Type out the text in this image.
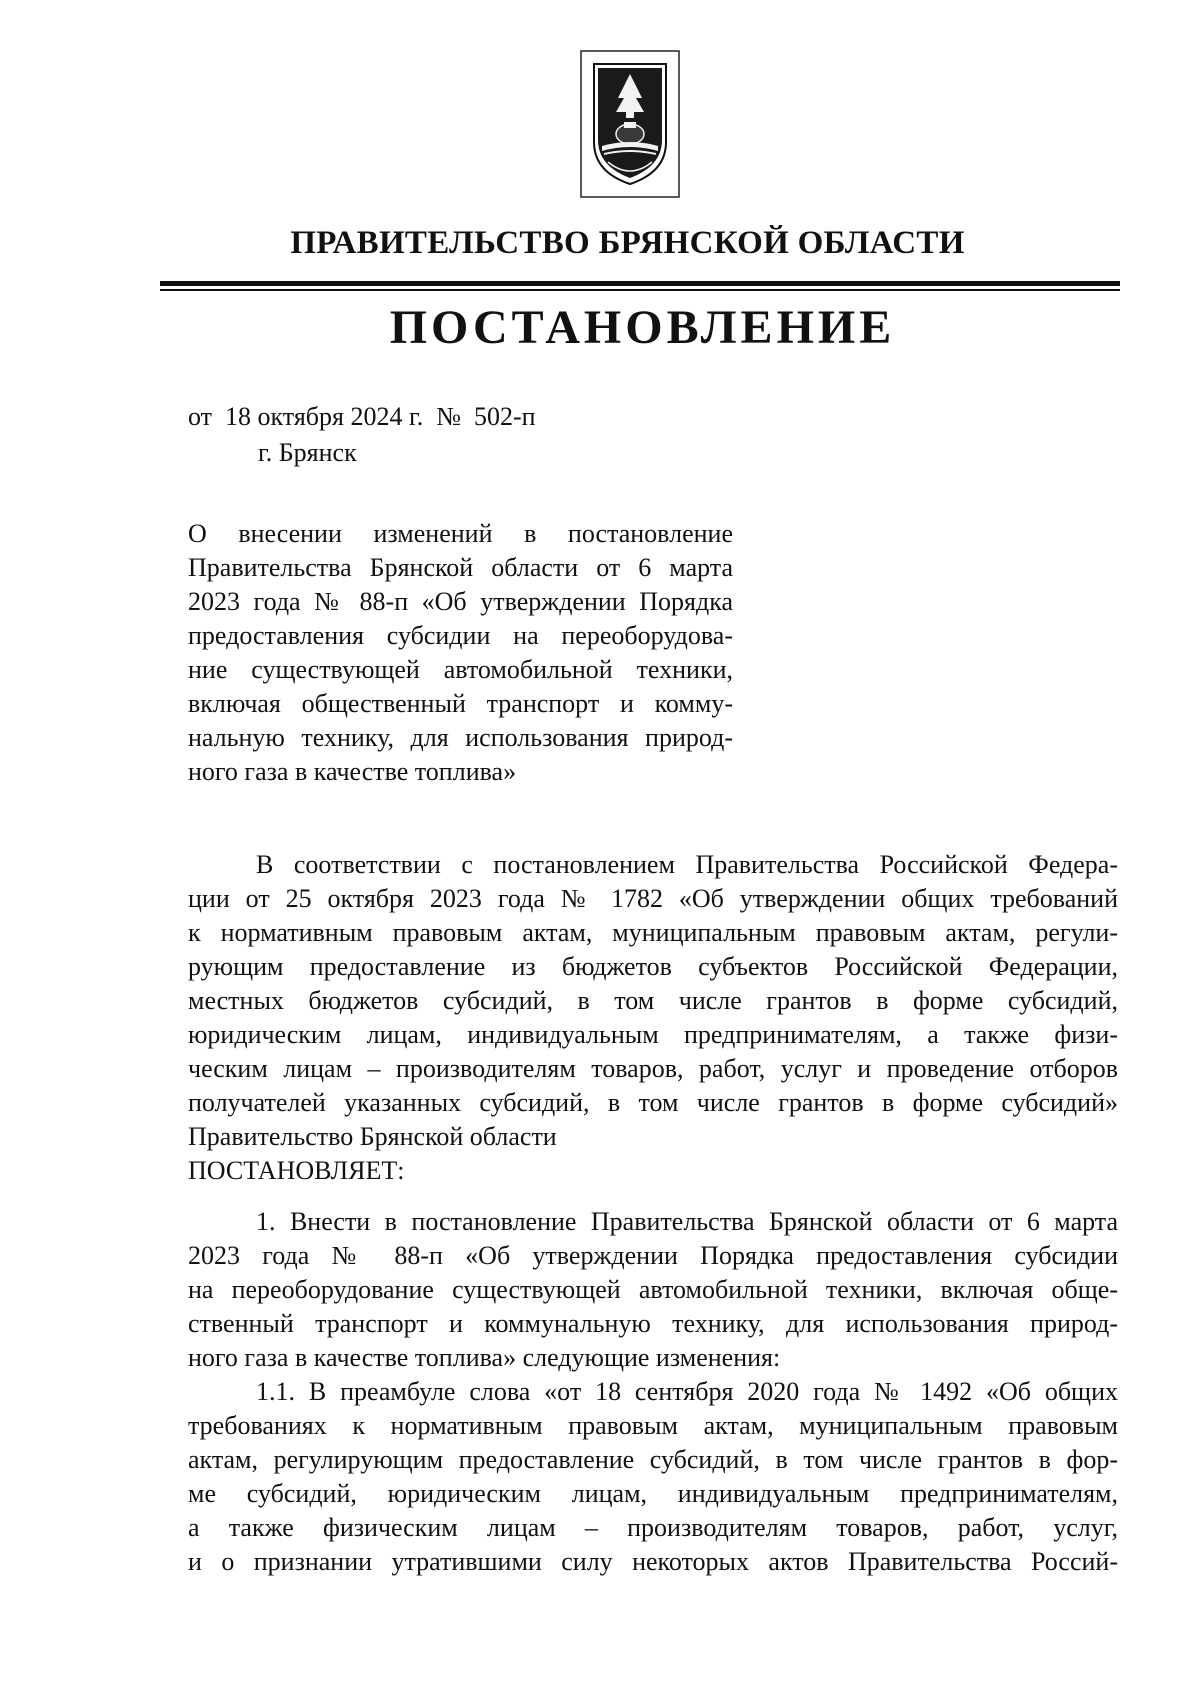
ПРАВИТЕЛЬСТВО БРЯНСКОЙ ОБЛАСТИ
ПОСТАНОВЛЕНИЕ
от  18 октября 2024 г.  №  502-п
г. Брянск
О внесении изменений в постановление
Правительства Брянской области от 6 марта
2023 года № 88-п «Об утверждении Порядка
предоставления субсидии на переоборудова-
ние существующей автомобильной техники,
включая общественный транспорт и комму-
нальную технику, для использования природ-
ного газа в качестве топлива»
В соответствии с постановлением Правительства Российской Федера-
ции от 25 октября 2023 года № 1782 «Об утверждении общих требований
к нормативным правовым актам, муниципальным правовым актам, регули-
рующим предоставление из бюджетов субъектов Российской Федерации,
местных бюджетов субсидий, в том числе грантов в форме субсидий,
юридическим лицам, индивидуальным предпринимателям, а также физи-
ческим лицам – производителям товаров, работ, услуг и проведение отборов
получателей указанных субсидий, в том числе грантов в форме субсидий»
Правительство Брянской области
ПОСТАНОВЛЯЕТ:
1. Внести в постановление Правительства Брянской области от 6 марта
2023 года № 88-п «Об утверждении Порядка предоставления субсидии
на переоборудование существующей автомобильной техники, включая обще-
ственный транспорт и коммунальную технику, для использования природ-
ного газа в качестве топлива» следующие изменения:
1.1. В преамбуле слова «от 18 сентября 2020 года № 1492 «Об общих
требованиях к нормативным правовым актам, муниципальным правовым
актам, регулирующим предоставление субсидий, в том числе грантов в фор-
ме субсидий, юридическим лицам, индивидуальным предпринимателям,
а также физическим лицам – производителям товаров, работ, услуг,
и о признании утратившими силу некоторых актов Правительства Россий-
